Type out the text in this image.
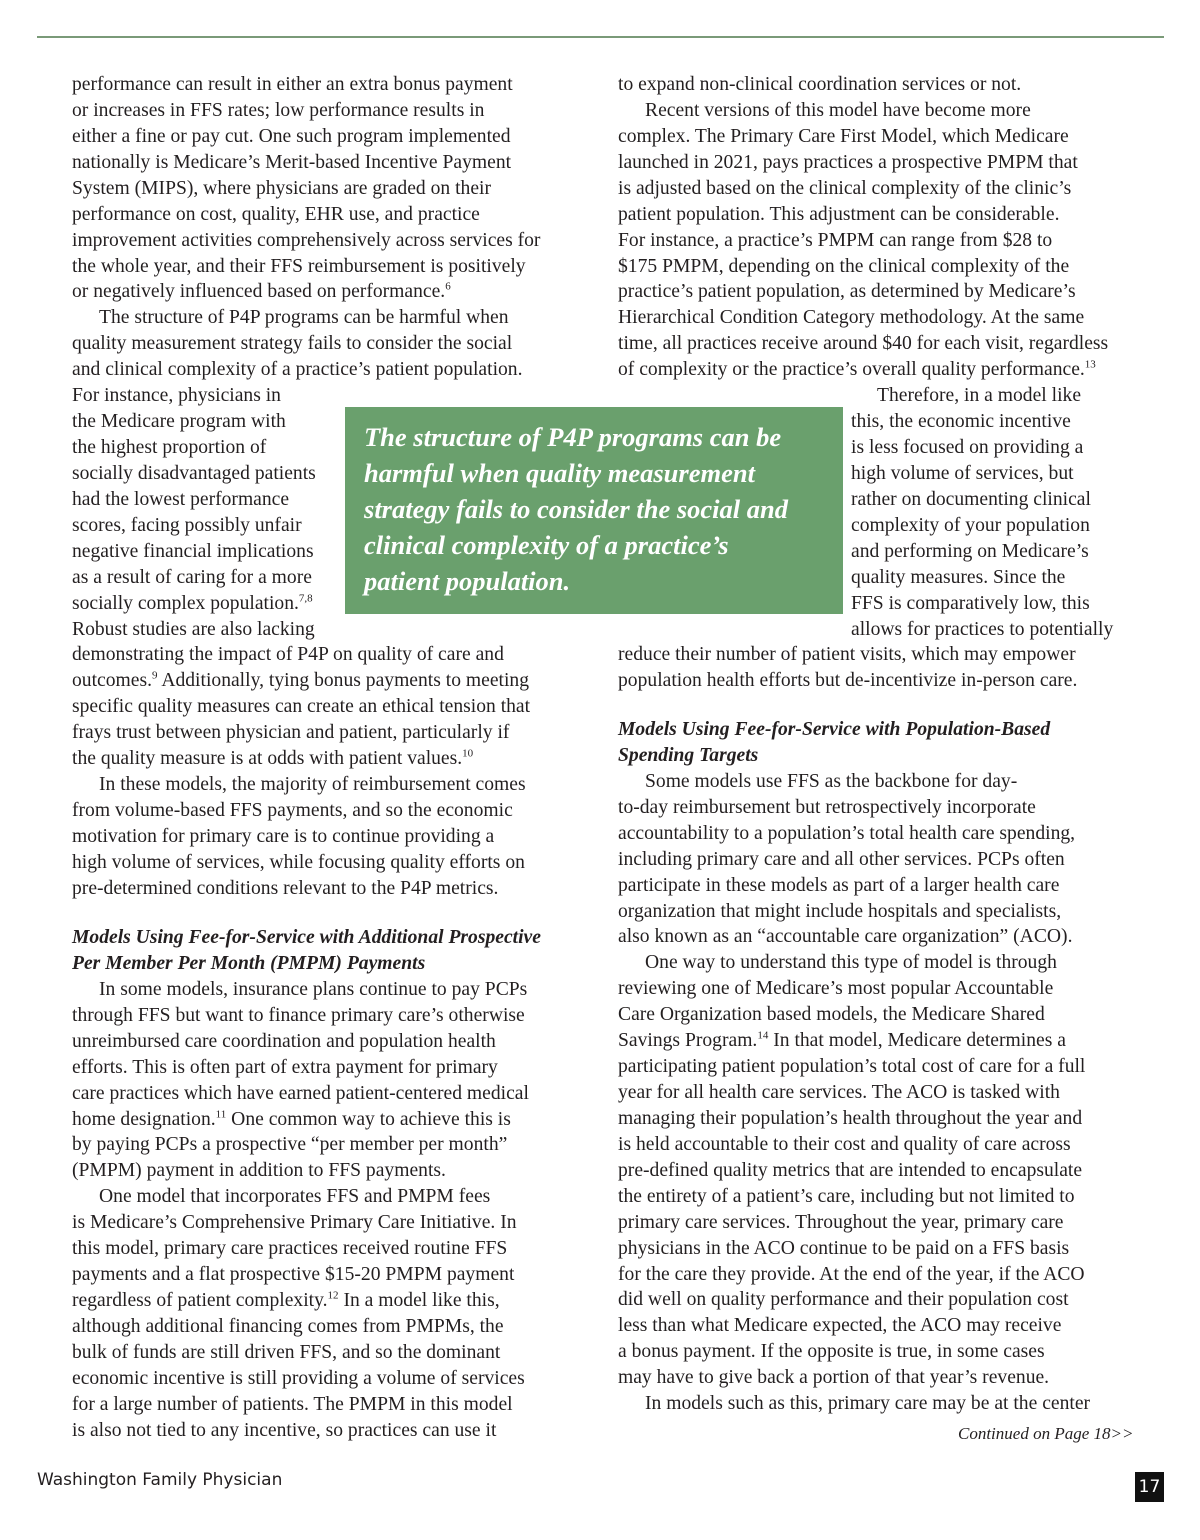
performance can result in either an extra bonus payment
or increases in FFS rates; low performance results in
either a fine or pay cut. One such program implemented
nationally is Medicare’s Merit-based Incentive Payment
System (MIPS), where physicians are graded on their
performance on cost, quality, EHR use, and practice
improvement activities comprehensively across services for
the whole year, and their FFS reimbursement is positively
or negatively influenced based on performance.$^6$
The structure of P4P programs can be harmful when
quality measurement strategy fails to consider the social
and clinical complexity of a practice’s patient population.
For instance, physicians in
the Medicare program with
the highest proportion of
socially disadvantaged patients
had the lowest performance
scores, facing possibly unfair
negative financial implications
as a result of caring for a more
socially complex population.$^{7,8}$
Robust studies are also lacking
demonstrating the impact of P4P on quality of care and
outcomes.$^9$ Additionally, tying bonus payments to meeting
specific quality measures can create an ethical tension that
frays trust between physician and patient, particularly if
the quality measure is at odds with patient values.$^{10}$
In these models, the majority of reimbursement comes
from volume-based FFS payments, and so the economic
motivation for primary care is to continue providing a
high volume of services, while focusing quality efforts on
pre-determined conditions relevant to the P4P metrics.
Models Using Fee-for-Service with Additional Prospective
Per Member Per Month (PMPM) Payments
In some models, insurance plans continue to pay PCPs
through FFS but want to finance primary care’s otherwise
unreimbursed care coordination and population health
efforts. This is often part of extra payment for primary
care practices which have earned patient-centered medical
home designation.$^{11}$ One common way to achieve this is
by paying PCPs a prospective “per member per month”
(PMPM) payment in addition to FFS payments.
One model that incorporates FFS and PMPM fees
is Medicare’s Comprehensive Primary Care Initiative. In
this model, primary care practices received routine FFS
payments and a flat prospective $15-20 PMPM payment
regardless of patient complexity.$^{12}$ In a model like this,
although additional financing comes from PMPMs, the
bulk of funds are still driven FFS, and so the dominant
economic incentive is still providing a volume of services
for a large number of patients. The PMPM in this model
is also not tied to any incentive, so practices can use it
to expand non-clinical coordination services or not.
Recent versions of this model have become more
complex. The Primary Care First Model, which Medicare
launched in 2021, pays practices a prospective PMPM that
is adjusted based on the clinical complexity of the clinic’s
patient population. This adjustment can be considerable.
For instance, a practice’s PMPM can range from $28 to
$175 PMPM, depending on the clinical complexity of the
practice’s patient population, as determined by Medicare’s
Hierarchical Condition Category methodology. At the same
time, all practices receive around $40 for each visit, regardless
of complexity or the practice’s overall quality performance.$^{13}$
Therefore, in a model like
this, the economic incentive
is less focused on providing a
high volume of services, but
rather on documenting clinical
complexity of your population
and performing on Medicare’s
quality measures. Since the
FFS is comparatively low, this
allows for practices to potentially
reduce their number of patient visits, which may empower
population health efforts but de-incentivize in-person care.
Models Using Fee-for-Service with Population-Based
Spending Targets
Some models use FFS as the backbone for day-
to-day reimbursement but retrospectively incorporate
accountability to a population’s total health care spending,
including primary care and all other services. PCPs often
participate in these models as part of a larger health care
organization that might include hospitals and specialists,
also known as an “accountable care organization” (ACO).
One way to understand this type of model is through
reviewing one of Medicare’s most popular Accountable
Care Organization based models, the Medicare Shared
Savings Program.$^{14}$ In that model, Medicare determines a
participating patient population’s total cost of care for a full
year for all health care services. The ACO is tasked with
managing their population’s health throughout the year and
is held accountable to their cost and quality of care across
pre-defined quality metrics that are intended to encapsulate
the entirety of a patient’s care, including but not limited to
primary care services. Throughout the year, primary care
physicians in the ACO continue to be paid on a FFS basis
for the care they provide. At the end of the year, if the ACO
did well on quality performance and their population cost
less than what Medicare expected, the ACO may receive
a bonus payment. If the opposite is true, in some cases
may have to give back a portion of that year’s revenue.
In models such as this, primary care may be at the center
The structure of P4P programs can be
harmful when quality measurement
strategy fails to consider the social and
clinical complexity of a practice’s
patient population.
Continued on Page 18>>
Washington Family Physician	17
